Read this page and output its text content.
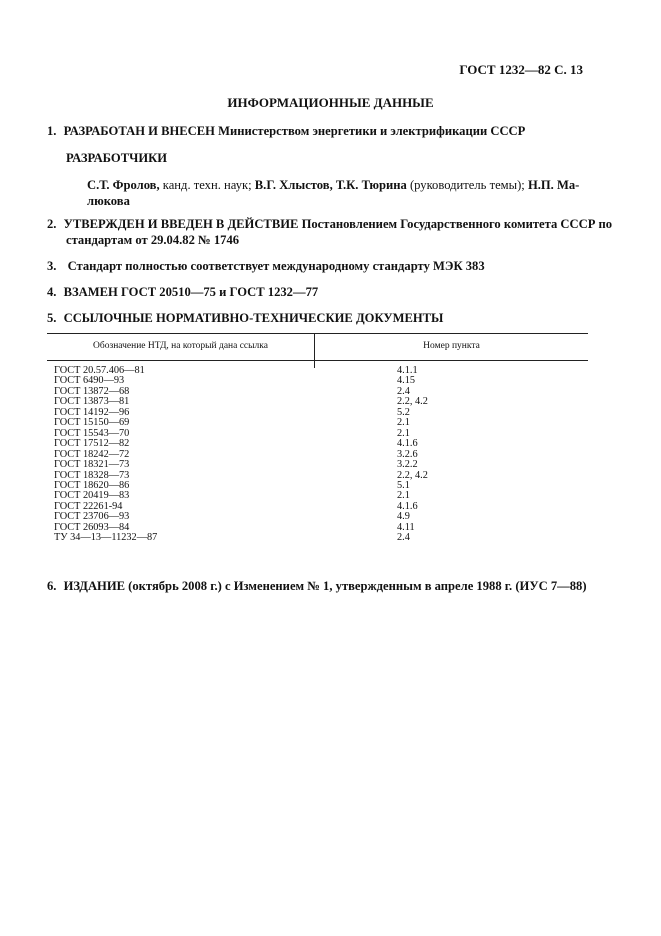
ГОСТ 1232—82 С. 13
ИНФОРМАЦИОННЫЕ ДАННЫЕ
1. РАЗРАБОТАН И ВНЕСЕН Министерством энергетики и электрификации СССР
РАЗРАБОТЧИКИ
С.Т. Фролов, канд. техн. наук; В.Г. Хлыстов, Т.К. Тюрина (руководитель темы); Н.П. Ма-
люкова
2. УТВЕРЖДЕН И ВВЕДЕН В ДЕЙСТВИЕ Постановлением Государственного комитета СССР по
стандартам от 29.04.82 № 1746
3. Стандарт полностью соответствует международному стандарту МЭК 383
4. ВЗАМЕН ГОСТ 20510—75 и ГОСТ 1232—77
5. ССЫЛОЧНЫЕ НОРМАТИВНО-ТЕХНИЧЕСКИЕ ДОКУМЕНТЫ
Обозначение НТД, на который дана ссылка	Номер пункта
ГОСТ 20.57.406—81	4.1.1
ГОСТ 6490—93	4.15
ГОСТ 13872—68	2.4
ГОСТ 13873—81	2.2, 4.2
ГОСТ 14192—96	5.2
ГОСТ 15150—69	2.1
ГОСТ 15543—70	2.1
ГОСТ 17512—82	4.1.6
ГОСТ 18242—72	3.2.6
ГОСТ 18321—73	3.2.2
ГОСТ 18328—73	2.2, 4.2
ГОСТ 18620—86	5.1
ГОСТ 20419—83	2.1
ГОСТ 22261-94	4.1.6
ГОСТ 23706—93	4.9
ГОСТ 26093—84	4.11
ТУ 34—13—11232—87	2.4
6. ИЗДАНИЕ (октябрь 2008 г.) с Изменением № 1, утвержденным в апреле 1988 г. (ИУС 7—88)
